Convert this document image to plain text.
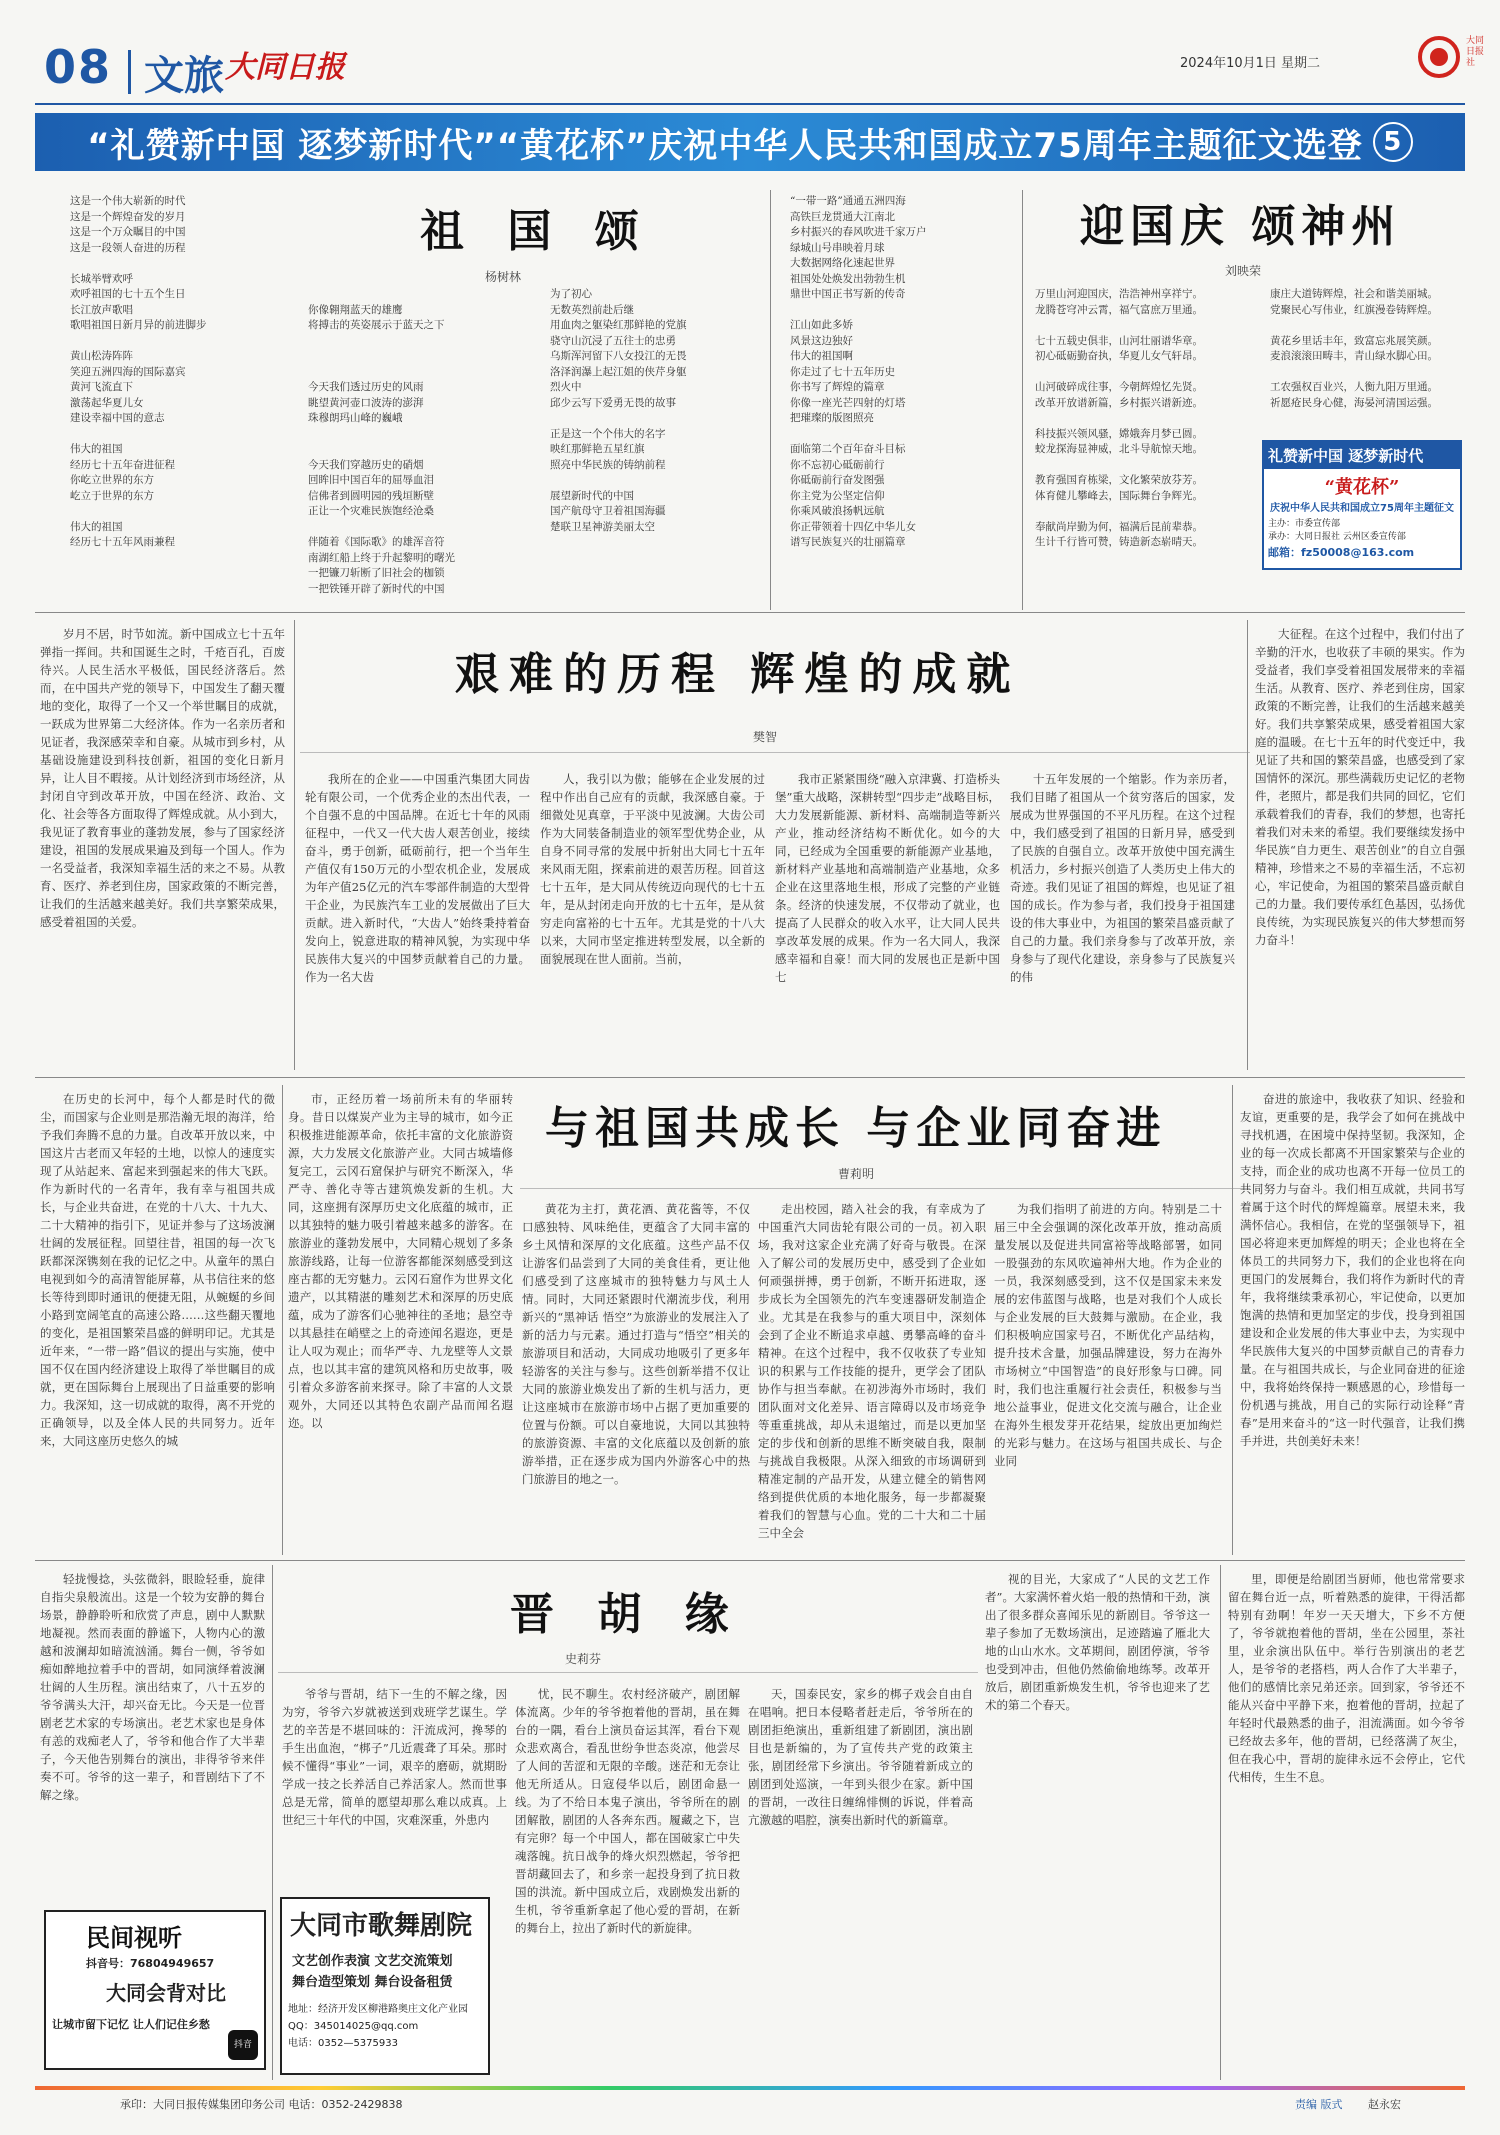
08 文旅 大同日报	2024年10月1日 星期二
大同日报社
“礼赞新中国 逐梦新时代”“黄花杯”庆祝中华人民共和国成立75周年主题征文选登 5
这是一个伟大崭新的时代
这是一个辉煌奋发的岁月
这是一个万众瞩目的中国
这是一段领人奋进的历程

长城举臂欢呼
欢呼祖国的七十五个生日
长江放声歌唱
歌唱祖国日新月异的前进脚步

黄山松涛阵阵
笑迎五洲四海的国际嘉宾
黄河飞流直下
激荡起华夏儿女
建设幸福中国的意志

伟大的祖国
经历七十五年奋进征程
你屹立世界的东方
屹立于世界的东方

伟大的祖国
经历七十五年风雨兼程
祖 国 颂
杨树林

你像翱翔蓝天的雄鹰
将搏击的英姿展示于蓝天之下

今天我们透过历史的风雨
眺望黄河壶口波涛的澎湃
珠穆朗玛山峰的巍峨

今天我们穿越历史的硝烟
回眸旧中国百年的屈辱血泪
信佛者到圆明园的残垣断壁
正让一个灾难民族饱经沧桑

伴随着《国际歌》的雄浑音符
南湖红船上终于升起黎明的曙光
一把镰刀斩断了旧社会的枷锁
一把铁锤开辟了新时代的中国

为了初心
无数英烈前赴后继
用血肉之躯染红那鲜艳的党旗
骁守山沉浸了五往士的忠勇
乌斯浑河留下八女投江的无畏
洛泽润瀑上起江姐的侠芹身躯
烈火中
邱少云写下爱勇无畏的故事

正是这一个个伟大的名字
映红那鲜艳五星红旗
照亮中华民族的铸纳前程

展望新时代的中国
国产航母守卫着祖国海疆
楚联卫星神游美丽太空
“一带一路”通通五洲四海
高铁巨龙贯通大江南北
乡村振兴的春风吹进千家万户
绿城山号串映着月球
大数据网络化速起世界
祖国处处焕发出勃勃生机
鼎世中国正书写新的传奇

江山如此多娇
风景这边独好
伟大的祖国啊
你走过了七十五年历史
你书写了辉煌的篇章
你像一座光芒四射的灯塔
把璀璨的版图照亮

面临第二个百年奋斗目标
你不忘初心砥砺前行
你砥砺前行奋发图强
你主党为公坚定信仰
你乘风破浪扬帆远航
你正带领着十四亿中华儿女
谱写民族复兴的壮丽篇章
迎国庆 颂神州
刘映荣
万里山河迎国庆，浩浩神州享祥宁。
龙腾苍穹冲云霄，福气富庶万里通。

七十五载史俱非，山河壮丽谱华章。
初心砥砺勤奋执，华夏儿女气轩昂。

山河破碎成往事，今朝辉煌忆先贤。
改革开放谱新篇，乡村振兴谱新迹。

科技振兴领风骚，嫦娥奔月梦已圆。
蛟龙探海显神威，北斗导航惊天地。

教育强国育栋梁，文化繁荣放芬芳。
体育健儿攀峰去，国际舞台争辉光。

奉献尚岸勤为何，福满后昆前辈恭。
生计千行皆可赞，铸造新态崭晴天。
康庄大道铸辉煌，社会和谐美丽城。
党聚民心写伟业，红旗漫卷铸辉煌。

黄花乡里话丰年，致富忘兆展笑颜。
麦浪滚滚田畴丰，青山绿水脚心田。

工农强权百业兴，人衡九阳万里通。
祈愿疮民身心健，海晏河清国运强。
礼赞新中国 逐梦新时代
“黄花杯”
庆祝中华人民共和国成立75周年主题征文
主办：市委宣传部
承办：大同日报社 云州区委宣传部
邮箱：fz50008@163.com
岁月不居，时节如流。新中国成立七十五年弹指一挥间。共和国诞生之时，千疮百孔，百废待兴。人民生活水平极低，国民经济落后。然而，在中国共产党的领导下，中国发生了翻天覆地的变化，取得了一个又一个举世瞩目的成就，一跃成为世界第二大经济体。作为一名亲历者和见证者，我深感荣幸和自豪。从城市到乡村，从基础设施建设到科技创新，祖国的变化日新月异，让人目不暇接。从计划经济到市场经济，从封闭自守到改革开放，中国在经济、政治、文化、社会等各方面取得了辉煌成就。从小到大，我见证了教育事业的蓬勃发展，参与了国家经济建设，祖国的发展成果遍及到每一个国人。作为一名受益者，我深知幸福生活的来之不易。从教育、医疗、养老到住房，国家政策的不断完善，让我们的生活越来越美好。我们共享繁荣成果，感受着祖国的关爱。
艰难的历程 辉煌的成就
樊智
我所在的企业——中国重汽集团大同齿轮有限公司，一个优秀企业的杰出代表，一个自强不息的中国品牌。在近七十年的风雨征程中，一代又一代大齿人艰苦创业，接续奋斗，勇于创新，砥砺前行，把一个当年生产值仅有150万元的小型农机企业，发展成为年产值25亿元的汽车零部件制造的大型骨干企业，为民族汽车工业的发展做出了巨大贡献。进入新时代，“大齿人”始终秉持着奋发向上，锐意进取的精神风貌，为实现中华民族伟大复兴的中国梦贡献着自己的力量。作为一名大齿
人，我引以为傲；能够在企业发展的过程中作出自己应有的贡献，我深感自豪。于细微处见真章，于平淡中见波澜。大齿公司作为大同装备制造业的领军型优势企业，从自身不同寻常的发展中折射出大同七十五年来风雨无阻，探索前进的艰苦历程。回首这七十五年，是大同从传统迈向现代的七十五年，是从封闭走向开放的七十五年，是从贫穷走向富裕的七十五年。尤其是党的十八大以来，大同市坚定推进转型发展，以全新的面貌展现在世人面前。当前，
我市正紧紧围绕“融入京津冀、打造桥头堡”重大战略，深耕转型“四步走”战略目标，大力发展新能源、新材料、高端制造等新兴产业，推动经济结构不断优化。如今的大同，已经成为全国重要的新能源产业基地，新材料产业基地和高端制造产业基地，众多企业在这里落地生根，形成了完整的产业链条。经济的快速发展，不仅带动了就业，也提高了人民群众的收入水平，让大同人民共享改革发展的成果。作为一名大同人，我深感幸福和自豪！而大同的发展也正是新中国七
十五年发展的一个缩影。作为亲历者，我们目睹了祖国从一个贫穷落后的国家，发展成为世界强国的不平凡历程。在这个过程中，我们感受到了祖国的日新月异，感受到了民族的自强自立。改革开放使中国充满生机活力，乡村振兴创造了人类历史上伟大的奇迹。我们见证了祖国的辉煌，也见证了祖国的成长。作为参与者，我们投身于祖国建设的伟大事业中，为祖国的繁荣昌盛贡献了自己的力量。我们亲身参与了改革开放，亲身参与了现代化建设，亲身参与了民族复兴的伟
大征程。在这个过程中，我们付出了辛勤的汗水，也收获了丰硕的果实。作为受益者，我们享受着祖国发展带来的幸福生活。从教育、医疗、养老到住房，国家政策的不断完善，让我们的生活越来越美好。我们共享繁荣成果，感受着祖国大家庭的温暖。在七十五年的时代变迁中，我见证了共和国的繁荣昌盛，也感受到了家国情怀的深沉。那些满载历史记忆的老物件，老照片，都是我们共同的回忆，它们承载着我们的青春，我们的梦想，也寄托着我们对未来的希望。我们要继续发扬中华民族“自力更生、艰苦创业”的自立自强精神，珍惜来之不易的幸福生活，不忘初心，牢记使命，为祖国的繁荣昌盛贡献自己的力量。我们要传承红色基因，弘扬优良传统，为实现民族复兴的伟大梦想而努力奋斗！
在历史的长河中，每个人都是时代的微尘，而国家与企业则是那浩瀚无垠的海洋，给予我们奔腾不息的力量。自改革开放以来，中国这片古老而又年轻的土地，以惊人的速度实现了从站起来、富起来到强起来的伟大飞跃。作为新时代的一名青年，我有幸与祖国共成长，与企业共奋进，在党的十八大、十九大、二十大精神的指引下，见证并参与了这场波澜壮阔的发展征程。回望往昔，祖国的每一次飞跃都深深镌刻在我的记忆之中。从童年的黑白电视到如今的高清智能屏幕，从书信往来的悠长等待到即时通讯的便捷无阻，从蜿蜒的乡间小路到宽阔笔直的高速公路……这些翻天覆地的变化，是祖国繁荣昌盛的鲜明印记。尤其是近年来，“一带一路”倡议的提出与实施，使中国不仅在国内经济建设上取得了举世瞩目的成就，更在国际舞台上展现出了日益重要的影响力。我深知，这一切成就的取得，离不开党的正确领导，以及全体人民的共同努力。近年来，大同这座历史悠久的城
市，正经历着一场前所未有的华丽转身。昔日以煤炭产业为主导的城市，如今正积极推进能源革命，依托丰富的文化旅游资源，大力发展文化旅游产业。大同古城墙修复完工，云冈石窟保护与研究不断深入，华严寺、善化寺等古建筑焕发新的生机。大同，这座拥有深厚历史文化底蕴的城市，正以其独特的魅力吸引着越来越多的游客。在旅游业的蓬勃发展中，大同精心规划了多条旅游线路，让每一位游客都能深刻感受到这座古都的无穷魅力。云冈石窟作为世界文化遗产，以其精湛的雕刻艺术和深厚的历史底蕴，成为了游客们心驰神往的圣地；悬空寺以其悬挂在峭壁之上的奇迹闻名遐迩，更是让人叹为观止；而华严寺、九龙壁等人文景点，也以其丰富的建筑风格和历史故事，吸引着众多游客前来探寻。除了丰富的人文景观外，大同还以其特色农副产品而闻名遐迩。以
与祖国共成长 与企业同奋进
曹莉明
黄花为主打，黄花酒、黄花酱等，不仅口感独特、风味绝佳，更蕴含了大同丰富的乡土风情和深厚的文化底蕴。这些产品不仅让游客们品尝到了大同的美食佳肴，更让他们感受到了这座城市的独特魅力与风土人情。同时，大同还紧跟时代潮流步伐，利用新兴的“黑神话 悟空”为旅游业的发展注入了新的活力与元素。通过打造与“悟空”相关的旅游项目和活动，大同成功地吸引了更多年轻游客的关注与参与。这些创新举措不仅让大同的旅游业焕发出了新的生机与活力，更让这座城市在旅游市场中占据了更加重要的位置与份额。可以自豪地说，大同以其独特的旅游资源、丰富的文化底蕴以及创新的旅游举措，正在逐步成为国内外游客心中的热门旅游目的地之一。
走出校园，踏入社会的我，有幸成为了中国重汽大同齿轮有限公司的一员。初入职场，我对这家企业充满了好奇与敬畏。在深入了解公司的发展历史中，感受到了企业如何顽强拼搏，勇于创新，不断开拓进取，逐步成长为全国领先的汽车变速器研发制造企业。尤其是在我参与的重大项目中，深刻体会到了企业不断追求卓越、勇攀高峰的奋斗精神。在这个过程中，我不仅收获了专业知识的积累与工作技能的提升，更学会了团队协作与担当奉献。在初涉海外市场时，我们团队面对文化差异、语言障碍以及市场竞争等重重挑战，却从未退缩过，而是以更加坚定的步伐和创新的思维不断突破自我，限制与挑战自我极限。从深入细致的市场调研到精准定制的产品开发，从建立健全的销售网络到提供优质的本地化服务，每一步都凝聚着我们的智慧与心血。党的二十大和二十届三中全会
为我们指明了前进的方向。特别是二十届三中全会强调的深化改革开放，推动高质量发展以及促进共同富裕等战略部署，如同一股强劲的东风吹遍神州大地。作为企业的一员，我深刻感受到，这不仅是国家未来发展的宏伟蓝图与战略，也是对我们个人成长与企业发展的巨大鼓舞与激励。在企业，我们积极响应国家号召，不断优化产品结构，提升技术含量，加强品牌建设，努力在海外市场树立“中国智造”的良好形象与口碑。同时，我们也注重履行社会责任，积极参与当地公益事业，促进文化交流与融合，让企业在海外生根发芽开花结果，绽放出更加绚烂的光彩与魅力。在这场与祖国共成长、与企业同
奋进的旅途中，我收获了知识、经验和友谊，更重要的是，我学会了如何在挑战中寻找机遇，在困境中保持坚韧。我深知，企业的每一次成长都离不开国家繁荣与企业的支持，而企业的成功也离不开每一位员工的共同努力与奋斗。我们相互成就，共同书写着属于这个时代的辉煌篇章。展望未来，我满怀信心。我相信，在党的坚强领导下，祖国必将迎来更加辉煌的明天；企业也将在全体员工的共同努力下，我们的企业也将在向更国门的发展舞台，我们将作为新时代的青年，我将继续秉承初心，牢记使命，以更加饱满的热情和更加坚定的步伐，投身到祖国建设和企业发展的伟大事业中去，为实现中华民族伟大复兴的中国梦贡献自己的青春力量。在与祖国共成长，与企业同奋进的征途中，我将始终保持一颗感恩的心，珍惜每一份机遇与挑战，用自己的实际行动诠释“青春”是用来奋斗的“这一时代强音，让我们携手并进，共创美好未来！
轻拢慢捻，头弦微斜，眼睑轻垂，旋律自指尖泉般流出。这是一个较为安静的舞台场景，静静聆听和欣赏了声息，剧中人默默地凝视。然而表面的静谧下，人物内心的激越和波澜却如暗流汹涌。舞台一侧，爷爷如痴如醉地拉着手中的晋胡，如同演绎着波澜壮阔的人生历程。演出结束了，八十五岁的爷爷满头大汗，却兴奋无比。今天是一位晋剧老艺术家的专场演出。老艺术家也是身体有恙的戏痴老人了，爷爷和他合作了大半辈子，今天他告别舞台的演出，非得爷爷来伴奏不可。爷爷的这一辈子，和晋剧结下了不解之缘。
晋 胡 缘
史莉芬
爷爷与晋胡，结下一生的不解之缘，因为穷，爷爷六岁就被送到戏班学艺谋生。学艺的辛苦是不堪回味的：汗流成河，搀琴的手生出血泡，“梆子”几近震聋了耳朵。那时候不懂得“事业”一词，艰辛的磨砺，就期盼学成一技之长养活自己养活家人。然而世事总是无常，简单的愿望却那么难以成真。上世纪三十年代的中国，灾难深重，外患内
忧，民不聊生。农村经济破产，剧团解体流离。少年的爷爷抱着他的晋胡，虽在舞台的一隅，看台上演员奋运其浑，看台下观众悲欢离合，看乱世纷争世态炎凉，他尝尽了人间的苦涩和无限的辛酸。迷茫和无奈让他无所适从。日寇侵华以后，剧团命悬一线。为了不给日本鬼子演出，爷爷所在的剧团解散，剧团的人各奔东西。履藏之下，岂有完卵？每一个中国人，都在国破家亡中失魂落魄。抗日战争的烽火炽烈燃起，爷爷把晋胡藏回去了，和乡亲一起投身到了抗日救国的洪流。新中国成立后，戏剧焕发出新的生机，爷爷重新拿起了他心爱的晋胡，在新的舞台上，拉出了新时代的新旋律。
天，国泰民安，家乡的梆子戏会自由自在唱响。把日本侵略者赶走后，爷爷所在的剧团拒绝演出，重新组建了新剧团，演出剧目也是新编的，为了宣传共产党的政策主张，剧团经常下乡演出。爷爷随着新成立的剧团到处巡演，一年到头很少在家。新中国的晋胡，一改往日缠绵悱恻的诉说，伴着高亢激越的唱腔，演奏出新时代的新篇章。
视的目光，大家成了“人民的文艺工作者”。大家满怀着火焰一般的热情和干劲，演出了很多群众喜闻乐见的新剧目。爷爷这一辈子参加了无数场演出，足迹踏遍了雁北大地的山山水水。文革期间，剧团停演，爷爷也受到冲击，但他仍然偷偷地练琴。改革开放后，剧团重新焕发生机，爷爷也迎来了艺术的第二个春天。
里，即便是给剧团当厨师，他也常常要求留在舞台近一点，听着熟悉的旋律，干得活都特别有劲啊！年岁一天天增大，下乡不方便了，爷爷就抱着他的晋胡，坐在公园里，茶社里，业余演出队伍中。举行告别演出的老艺人，是爷爷的老搭档，两人合作了大半辈子，他们的感情比亲兄弟还亲。回到家，爷爷还不能从兴奋中平静下来，抱着他的晋胡，拉起了年轻时代最熟悉的曲子，泪流满面。如今爷爷已经故去多年，他的晋胡，已经落满了灰尘，但在我心中，晋胡的旋律永远不会停止，它代代相传，生生不息。
民间视听
抖音号：76804949657
大同会背对比
让城市留下记忆 让人们记住乡愁
抖音
大同市歌舞剧院
文艺创作表演 文艺交流策划
舞台造型策划 舞台设备租赁
地址：经济开发区柳港路奥庄文化产业园
QQ：345014025@qq.com
电话：0352—5375933
承印：大同日报传媒集团印务公司 电话：0352-2429838	责编 版式 赵永宏
